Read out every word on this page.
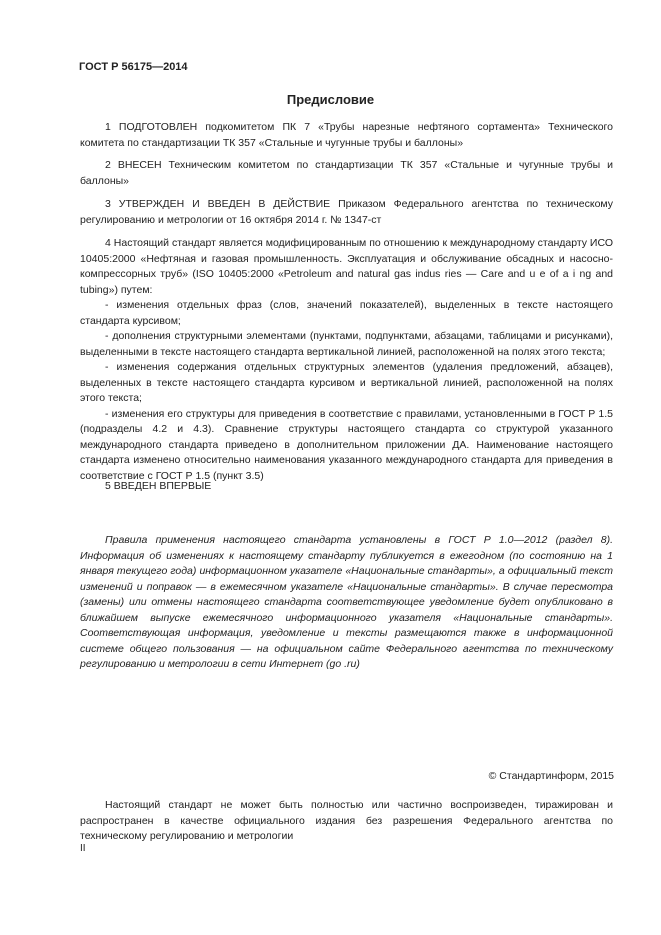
ГОСТ Р 56175—2014
Предисловие

1 ПОДГОТОВЛЕН подкомитетом ПК 7 «Трубы нарезные нефтяного сортамента» Технического комитета по стандартизации ТК 357 «Стальные и чугунные трубы и баллоны»

2 ВНЕСЕН Техническим комитетом по стандартизации ТК 357 «Стальные и чугунные трубы и баллоны»

3 УТВЕРЖДЕН И ВВЕДЕН В ДЕЙСТВИЕ Приказом Федерального агентства по техническому регулированию и метрологии от 16 октября 2014 г. № 1347-ст

4 Настоящий стандарт является модифицированным по отношению к международному стандарту ИСО 10405:2000 «Нефтяная и газовая промышленность. Эксплуатация и обслуживание обсадных и насосно-компрессорных труб» (ISO 10405:2000 «Petroleum and natural gas indus ries — Care and u e of a i ng and tubing») путем:

- изменения отдельных фраз (слов, значений показателей), выделенных в тексте настоящего стандарта курсивом;

- дополнения структурными элементами (пунктами, подпунктами, абзацами, таблицами и рисунками), выделенными в тексте настоящего стандарта вертикальной линией, расположенной на полях этого текста;

- изменения содержания отдельных структурных элементов (удаления предложений, абзацев), выделенных в тексте настоящего стандарта курсивом и вертикальной линией, расположенной на полях этого текста;

- изменения его структуры для приведения в соответствие с правилами, установленными в ГОСТ Р 1.5 (подразделы 4.2 и 4.3). Сравнение структуры настоящего стандарта со структурой указанного международного стандарта приведено в дополнительном приложении ДА. Наименование настоящего стандарта изменено относительно наименования указанного международного стандарта для приведения в соответствие с ГОСТ Р 1.5 (пункт 3.5)

5 ВВЕДЕН ВПЕРВЫЕ

Правила применения настоящего стандарта установлены в ГОСТ Р 1.0—2012 (раздел 8). Информация об изменениях к настоящему стандарту публикуется в ежегодном (по состоянию на 1 января текущего года) информационном указателе «Национальные стандарты», а официальный текст изменений и поправок — в ежемесячном указателе «Национальные стандарты». В случае пересмотра (замены) или отмены настоящего стандарта соответствующее уведомление будет опубликовано в ближайшем выпуске ежемесячного информационного указателя «Национальные стандарты». Соответствующая информация, уведомление и тексты размещаются также в информационной системе общего пользования — на официальном сайте Федерального агентства по техническому регулированию и метрологии в сети Интернет (go .ru)

© Стандартинформ, 2015

Настоящий стандарт не может быть полностью или частично воспроизведен, тиражирован и распространен в качестве официального издания без разрешения Федерального агентства по техническому регулированию и метрологии

II
